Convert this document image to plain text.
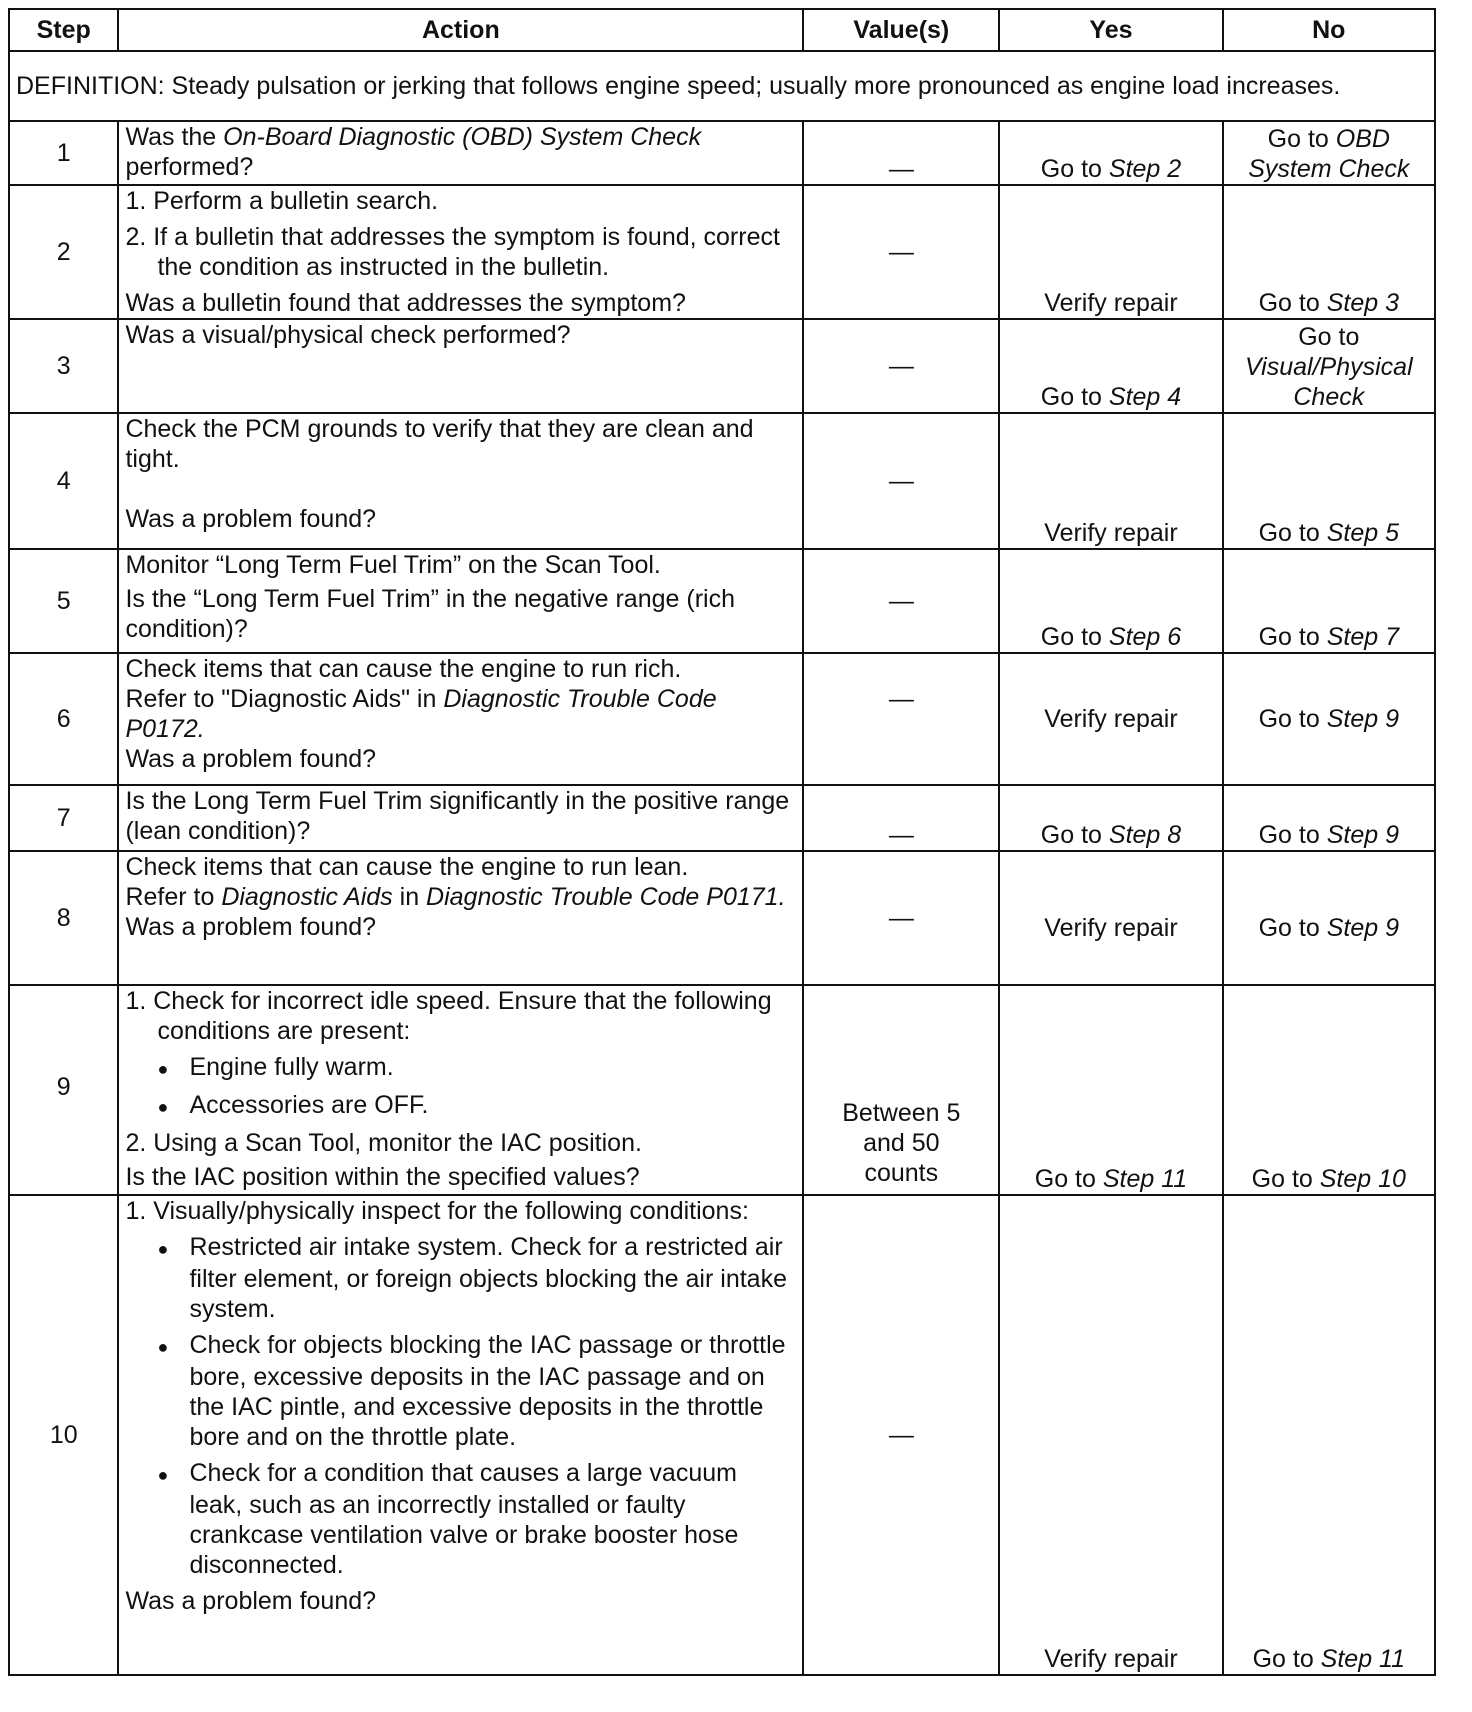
Step	Action	Value(s)	Yes	No
DEFINITION: Steady pulsation or jerking that follows engine speed; usually more pronounced as engine load increases.				
1	Was the On-Board Diagnostic (OBD) System Check performed?	—	Go to Step 2	Go to OBD System Check
2	1. Perform a bulletin search.
2. If a bulletin that addresses the symptom is found, correct the condition as instructed in the bulletin.
Was a bulletin found that addresses the symptom?	—	Verify repair	Go to Step 3
3	Was a visual/physical check performed?	—	Go to Step 4	Go to Visual/Physical Check
4	Check the PCM grounds to verify that they are clean and tight.
Was a problem found?	—	Verify repair	Go to Step 5
5	Monitor “Long Term Fuel Trim” on the Scan Tool.
Is the “Long Term Fuel Trim” in the negative range (rich condition)?	—	Go to Step 6	Go to Step 7
6	Check items that can cause the engine to run rich.
Refer to "Diagnostic Aids" in Diagnostic Trouble Code P0172.
Was a problem found?	—	Verify repair	Go to Step 9
7	Is the Long Term Fuel Trim significantly in the positive range (lean condition)?	—	Go to Step 8	Go to Step 9
8	Check items that can cause the engine to run lean.
Refer to Diagnostic Aids in Diagnostic Trouble Code P0171.
Was a problem found?	—	Verify repair	Go to Step 9
9	1. Check for incorrect idle speed. Ensure that the following conditions are present:
● Engine fully warm.
● Accessories are OFF.
2. Using a Scan Tool, monitor the IAC position.
Is the IAC position within the specified values?	Between 5 and 50 counts	Go to Step 11	Go to Step 10
10	1. Visually/physically inspect for the following conditions:
● Restricted air intake system. Check for a restricted air filter element, or foreign objects blocking the air intake system.
● Check for objects blocking the IAC passage or throttle bore, excessive deposits in the IAC passage and on the IAC pintle, and excessive deposits in the throttle bore and on the throttle plate.
● Check for a condition that causes a large vacuum leak, such as an incorrectly installed or faulty crankcase ventilation valve or brake booster hose disconnected.
Was a problem found?	—	Verify repair	Go to Step 11
